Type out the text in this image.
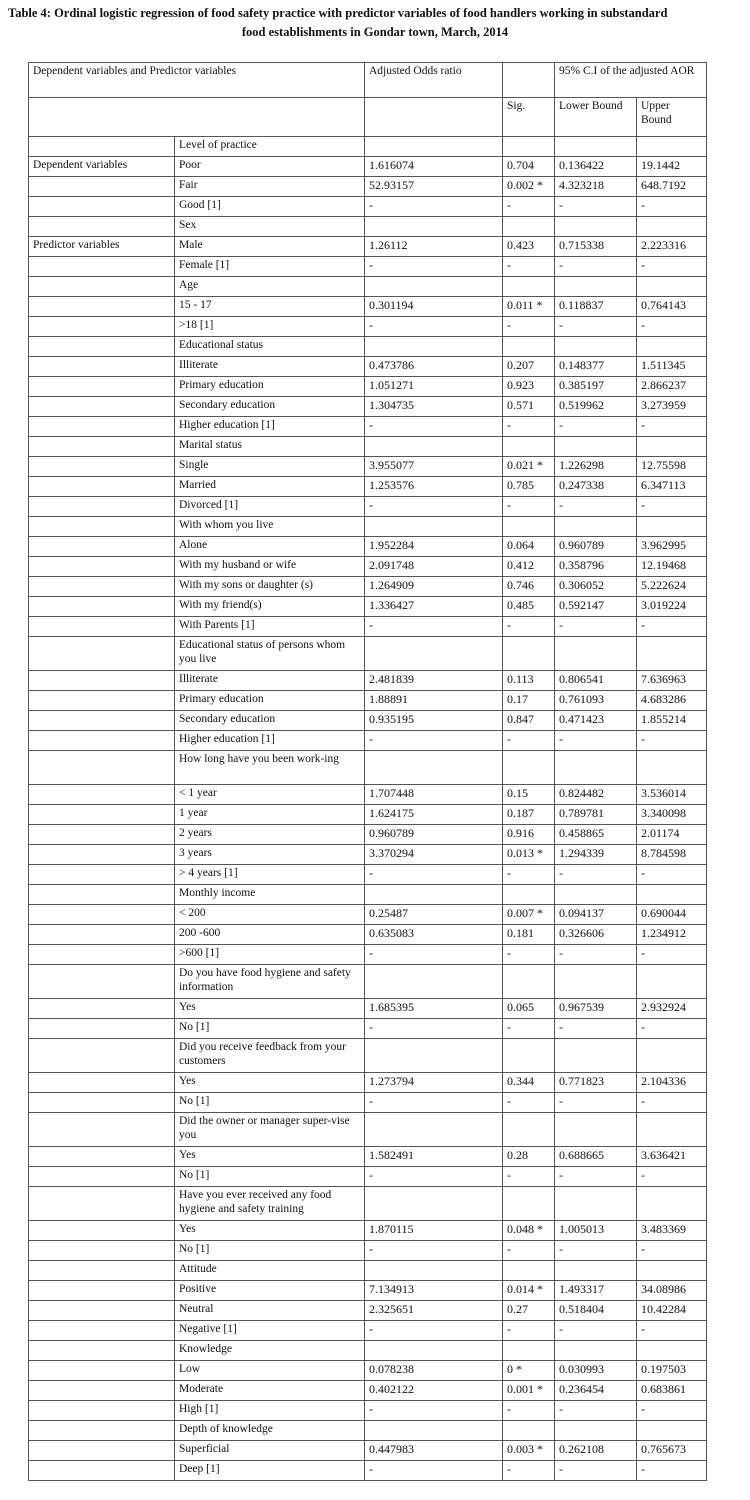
Table 4: Ordinal logistic regression of food safety practice with predictor variables of food handlers working in substandard
food establishments in Gondar town, March, 2014
Dependent variables and Predictor variables		Adjusted Odds ratio		95% C.I of the adjusted AOR	
			Sig.	Lower Bound	Upper Bound
	Level of practice				
Dependent variables	Poor	1.616074	0.704	0.136422	19.1442
	Fair	52.93157	0.002 *	4.323218	648.7192
	Good [1]	-	-	-	-
	Sex				
Predictor variables	Male	1.26112	0.423	0.715338	2.223316
	Female [1]	-	-	-	-
	Age				
	15 - 17	0.301194	0.011 *	0.118837	0.764143
	>18 [1]	-	-	-	-
	Educational status				
	Illiterate	0.473786	0.207	0.148377	1.511345
	Primary education	1.051271	0.923	0.385197	2.866237
	Secondary education	1.304735	0.571	0.519962	3.273959
	Higher education [1]	-	-	-	-
	Marital status				
	Single	3.955077	0.021 *	1.226298	12.75598
	Married	1.253576	0.785	0.247338	6.347113
	Divorced [1]	-	-	-	-
	With whom you live				
	Alone	1.952284	0.064	0.960789	3.962995
	With my husband or wife	2.091748	0.412	0.358796	12.19468
	With my sons or daughter (s)	1.264909	0.746	0.306052	5.222624
	With my friend(s)	1.336427	0.485	0.592147	3.019224
	With Parents [1]	-	-	-	-
	Educational status of persons whom you live				
	Illiterate	2.481839	0.113	0.806541	7.636963
	Primary education	1.88891	0.17	0.761093	4.683286
	Secondary education	0.935195	0.847	0.471423	1.855214
	Higher education [1]	-	-	-	-
	How long have you been work-ing				
	< 1 year	1.707448	0.15	0.824482	3.536014
	1 year	1.624175	0.187	0.789781	3.340098
	2 years	0.960789	0.916	0.458865	2.01174
	3 years	3.370294	0.013 *	1.294339	8.784598
	> 4 years [1]	-	-	-	-
	Monthly income				
	< 200	0.25487	0.007 *	0.094137	0.690044
	200 -600	0.635083	0.181	0.326606	1.234912
	>600 [1]	-	-	-	-
	Do you have food hygiene and safety information				
	Yes	1.685395	0.065	0.967539	2.932924
	No [1]	-	-	-	-
	Did you receive feedback from your customers				
	Yes	1.273794	0.344	0.771823	2.104336
	No [1]	-	-	-	-
	Did the owner or manager super-vise you				
	Yes	1.582491	0.28	0.688665	3.636421
	No [1]	-	-	-	-
	Have you ever received any food hygiene and safety training				
	Yes	1.870115	0.048 *	1.005013	3.483369
	No [1]	-	-	-	-
	Attitude				
	Positive	7.134913	0.014 *	1.493317	34.08986
	Neutral	2.325651	0.27	0.518404	10.42284
	Negative [1]	-	-	-	-
	Knowledge				
	Low	0.078238	0 *	0.030993	0.197503
	Moderate	0.402122	0.001 *	0.236454	0.683861
	High [1]	-	-	-	-
	Depth of knowledge				
	Superficial	0.447983	0.003 *	0.262108	0.765673
	Deep [1]	-	-	-	-
